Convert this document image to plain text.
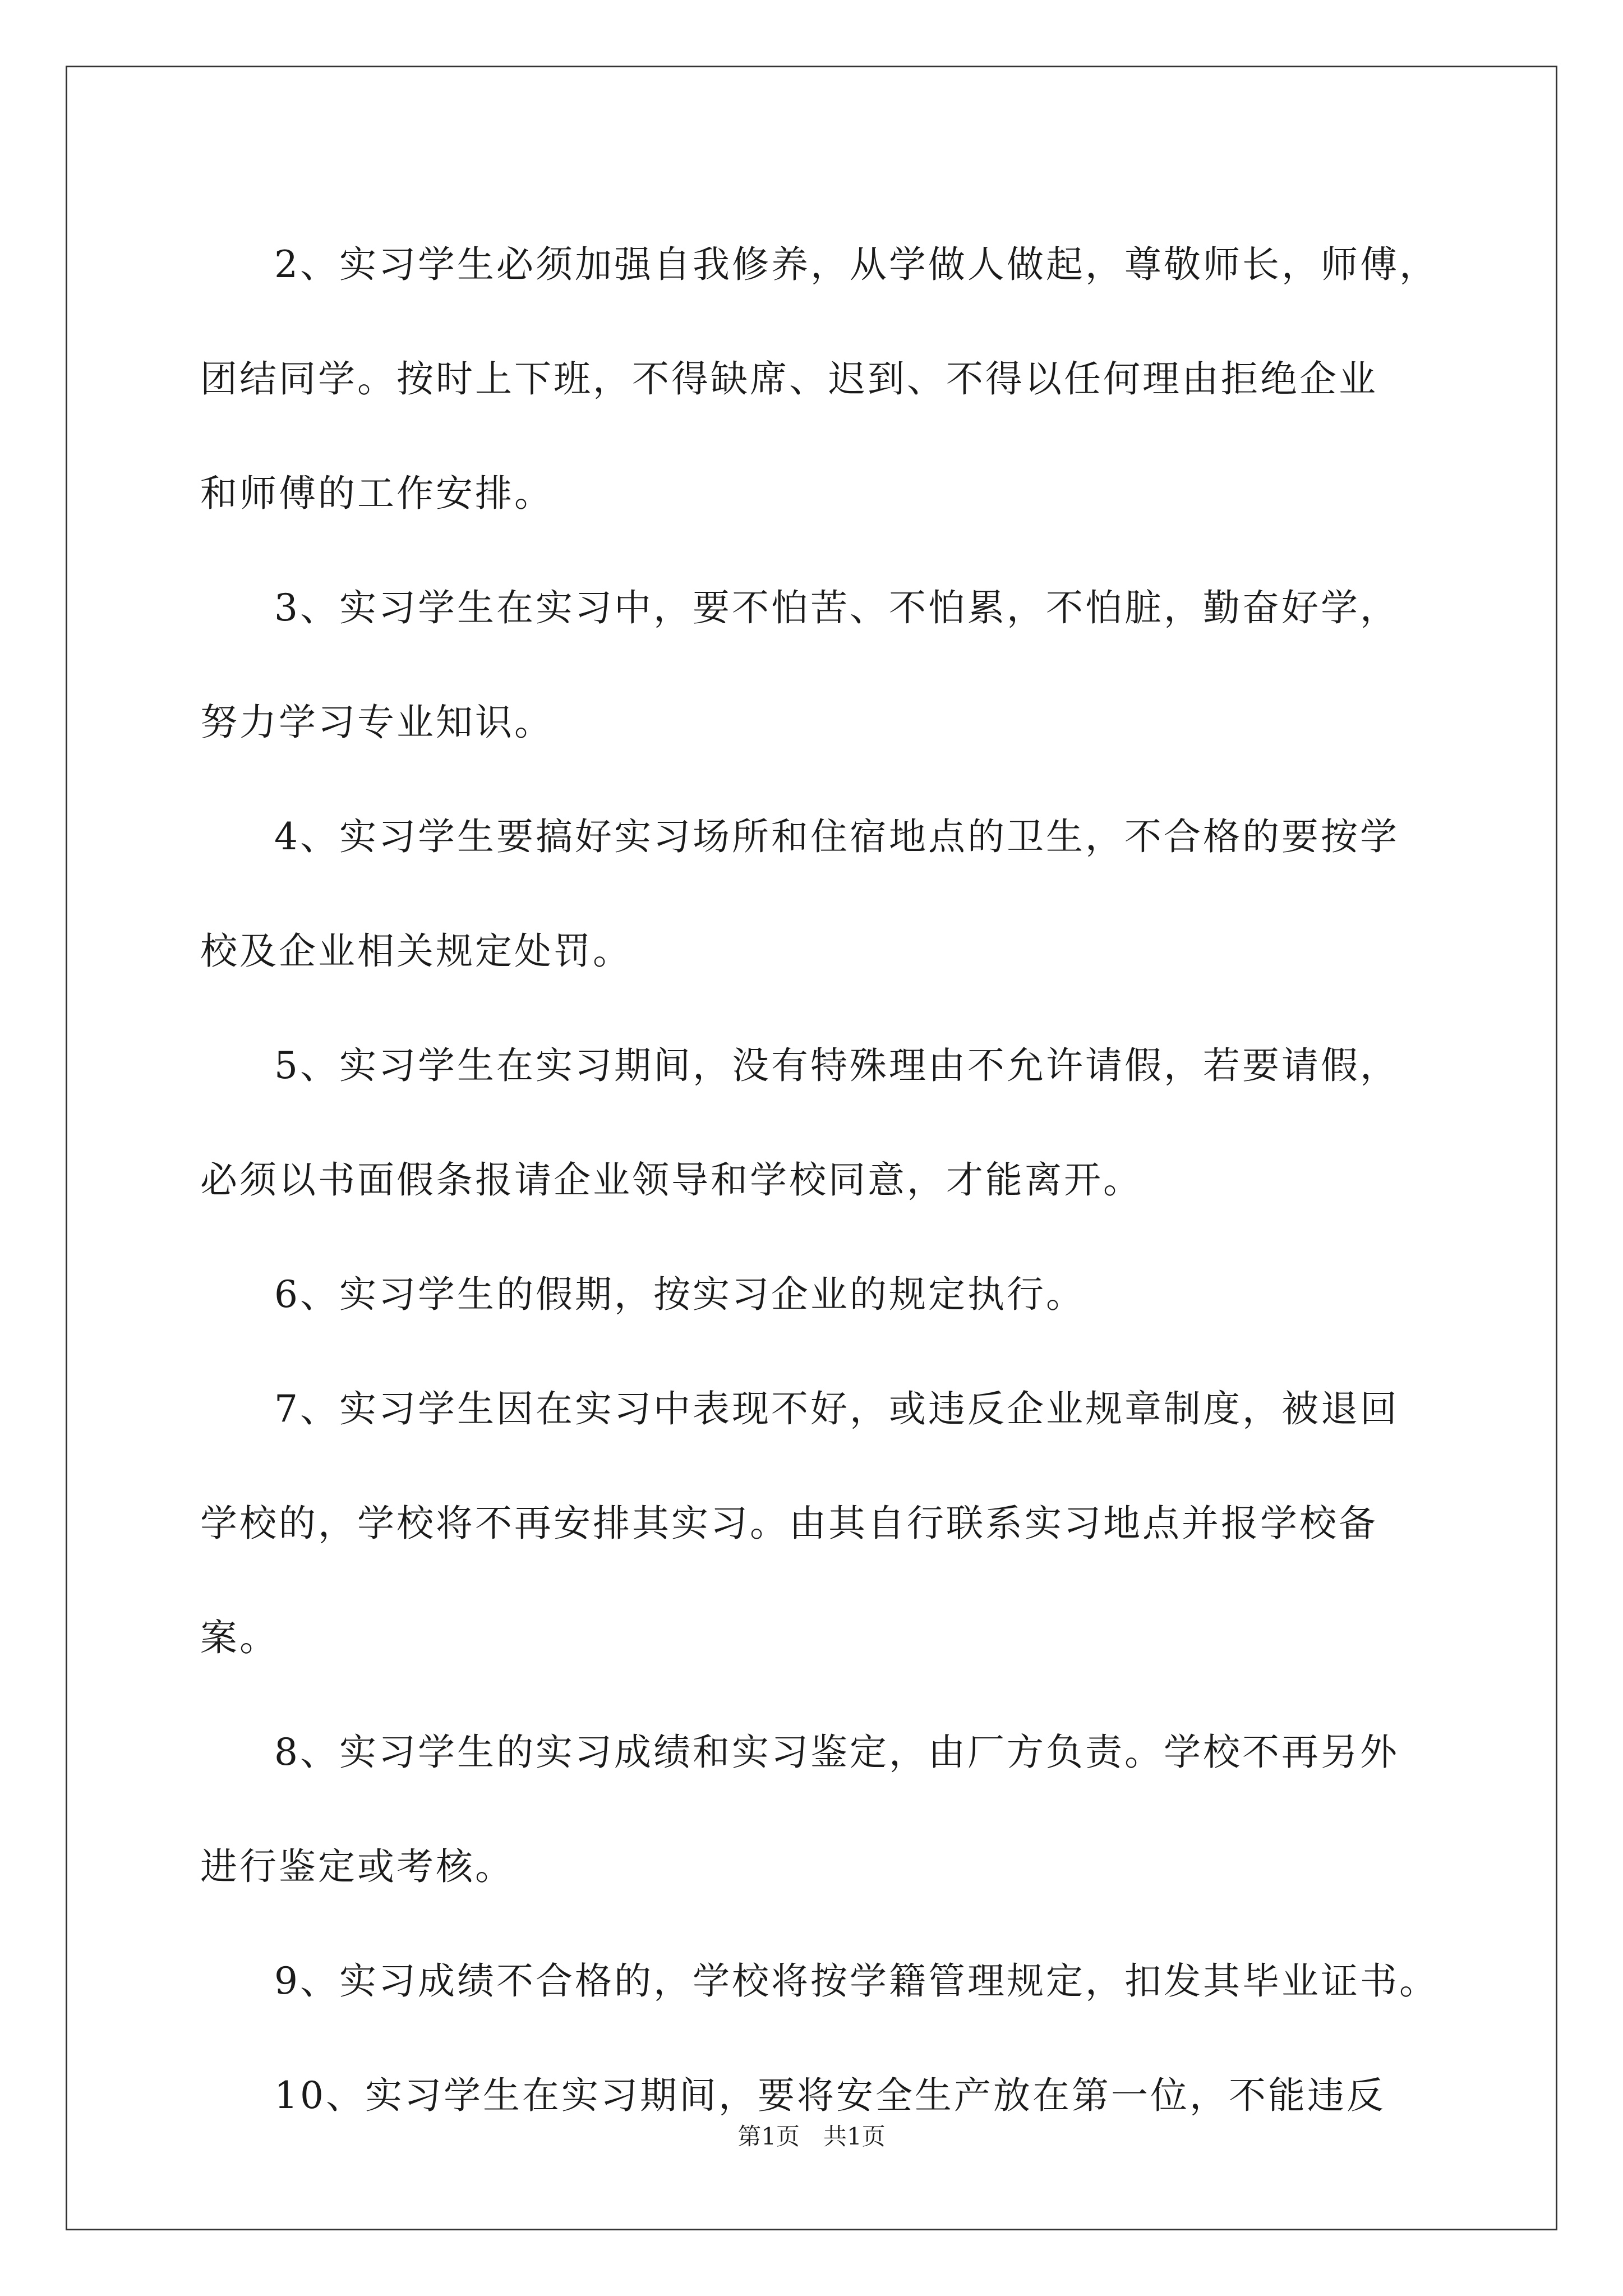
2、实习学生必须加强自我修养，从学做人做起，尊敬师长，师傅，
团结同学。按时上下班，不得缺席、迟到、不得以任何理由拒绝企业
和师傅的工作安排。

3、实习学生在实习中，要不怕苦、不怕累，不怕脏，勤奋好学，
努力学习专业知识。

4、实习学生要搞好实习场所和住宿地点的卫生，不合格的要按学
校及企业相关规定处罚。

5、实习学生在实习期间，没有特殊理由不允许请假，若要请假，
必须以书面假条报请企业领导和学校同意，才能离开。

6、实习学生的假期，按实习企业的规定执行。

7、实习学生因在实习中表现不好，或违反企业规章制度，被退回
学校的，学校将不再安排其实习。由其自行联系实习地点并报学校备
案。

8、实习学生的实习成绩和实习鉴定，由厂方负责。学校不再另外
进行鉴定或考核。

9、实习成绩不合格的，学校将按学籍管理规定，扣发其毕业证书。

10、实习学生在实习期间，要将安全生产放在第一位，不能违反

第1页　共1页
